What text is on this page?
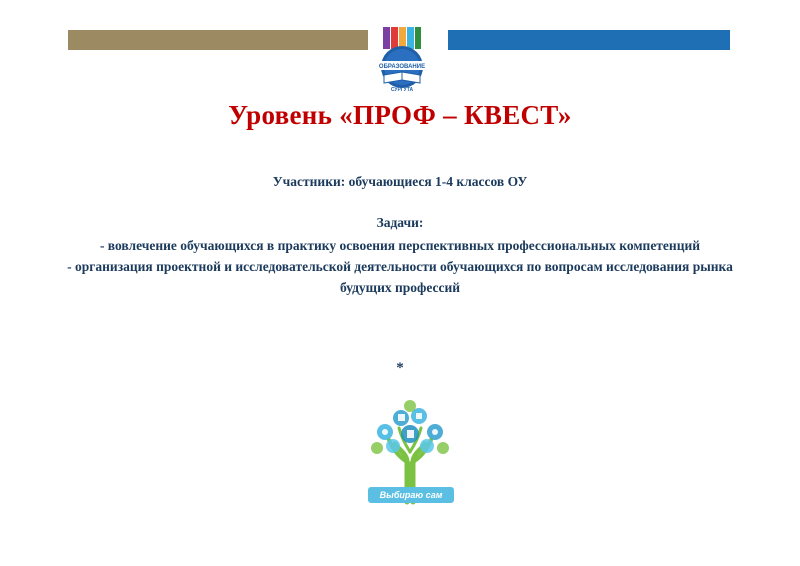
ОБРАЗОВАНИЕ
СУРГУТА
Уровень «ПРОФ – КВЕСТ»
Участники: обучающиеся 1-4 классов ОУ
Задачи:
- вовлечение обучающихся в практику освоения перспективных профессиональных компетенций
- организация проектной и исследовательской деятельности обучающихся по вопросам исследования рынка будущих профессий
*
Выбираю сам
